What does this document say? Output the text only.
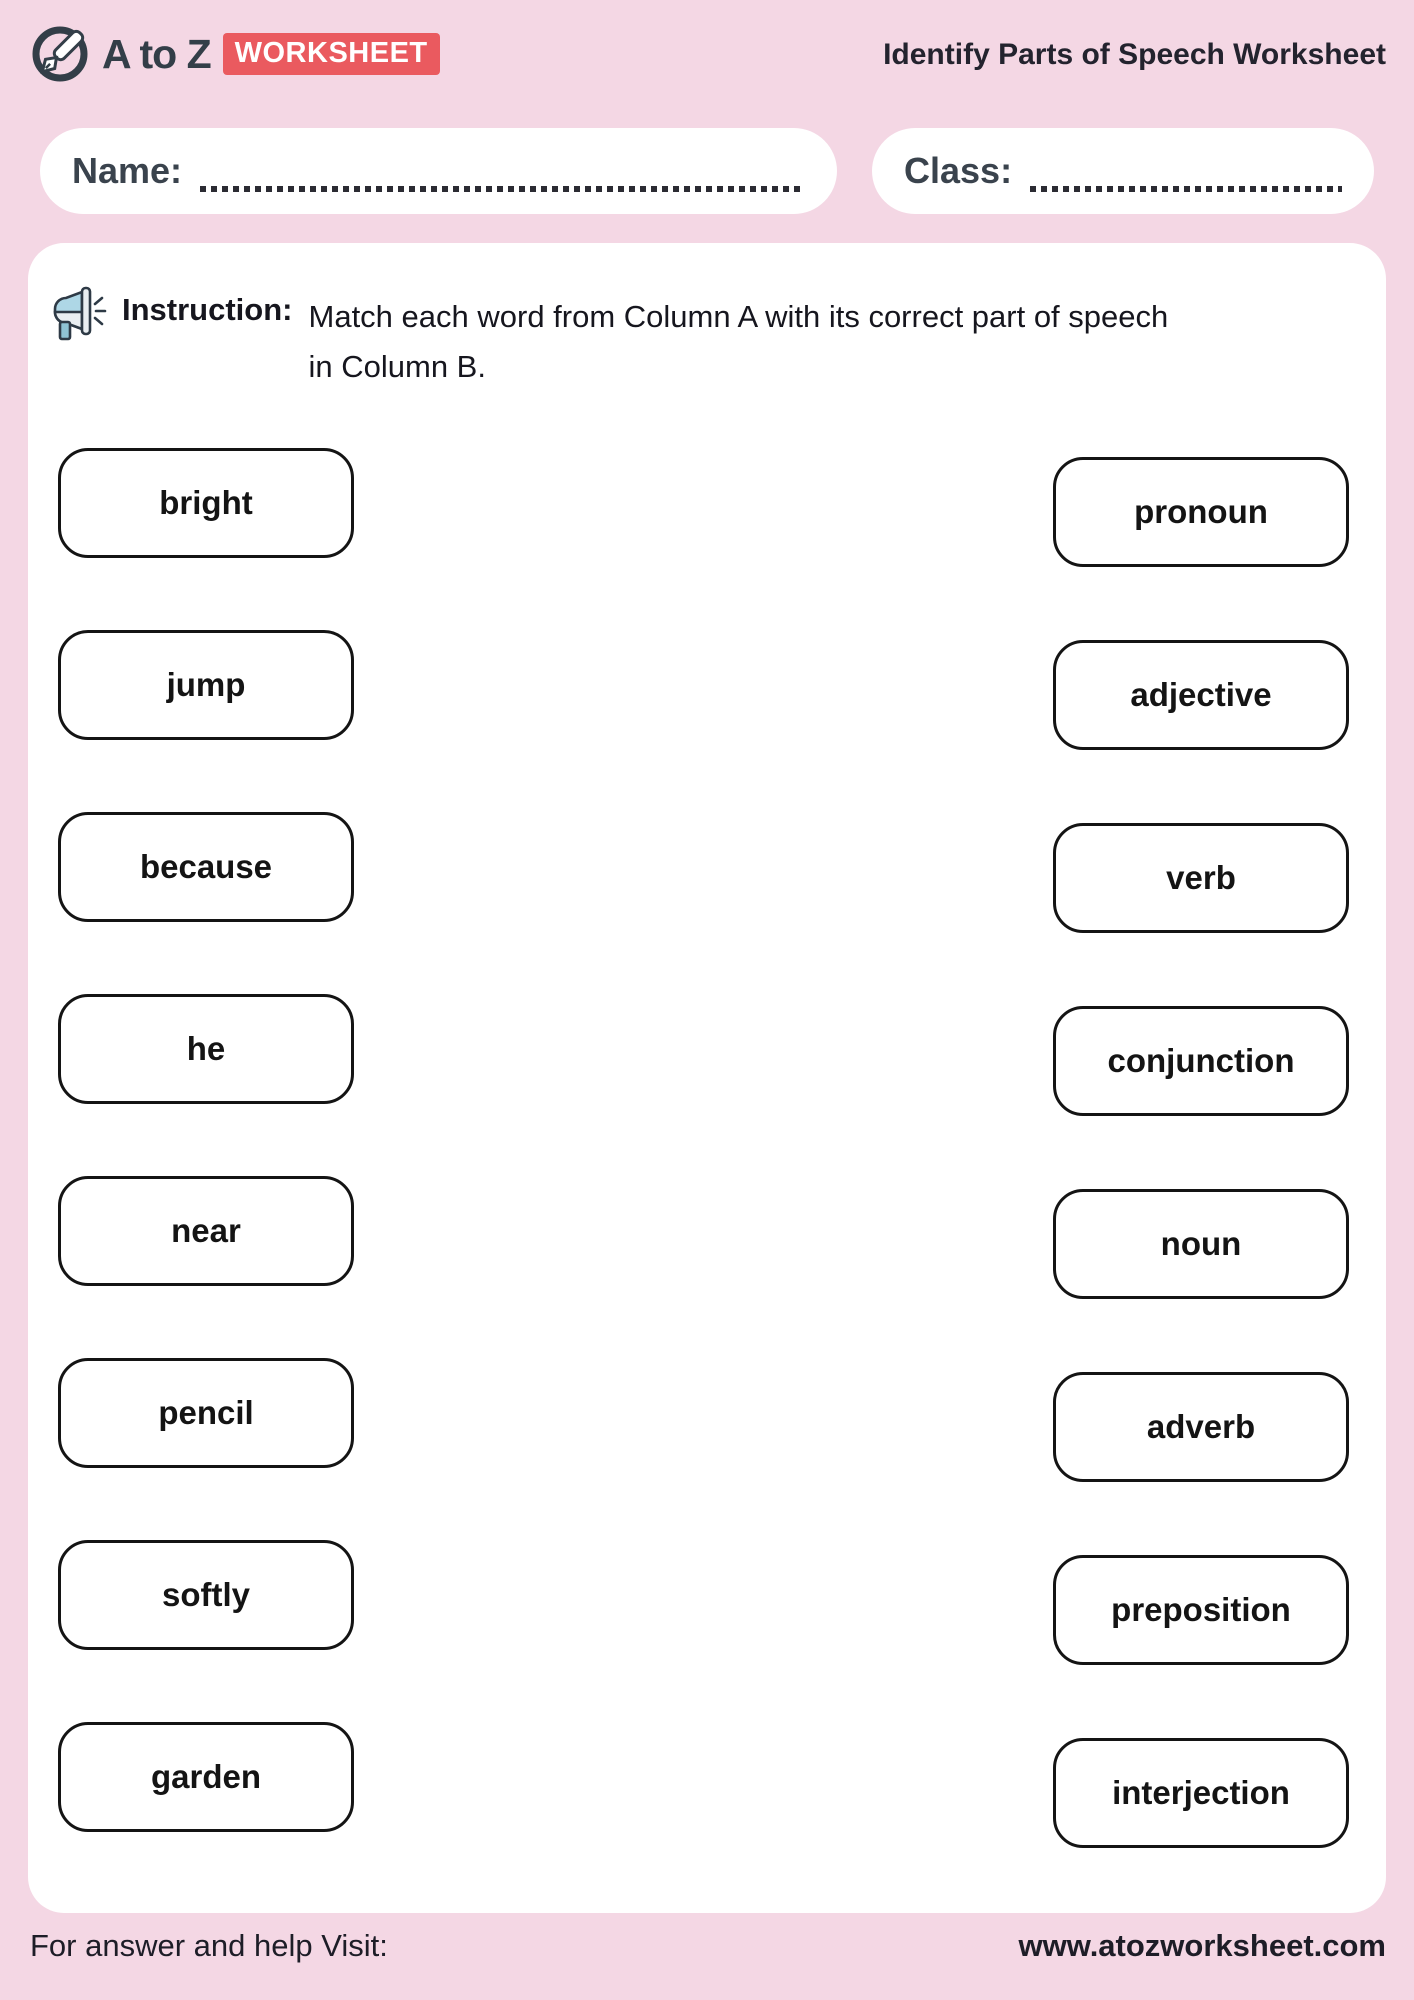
A to Z WORKSHEET	Identify Parts of Speech Worksheet
Name:	Class:
Instruction: Match each word from Column A with its correct part of speech in Column B.
bright
jump
because
he
near
pencil
softly
garden
pronoun
adjective
verb
conjunction
noun
adverb
preposition
interjection
For answer and help Visit:	www.atozworksheet.com
